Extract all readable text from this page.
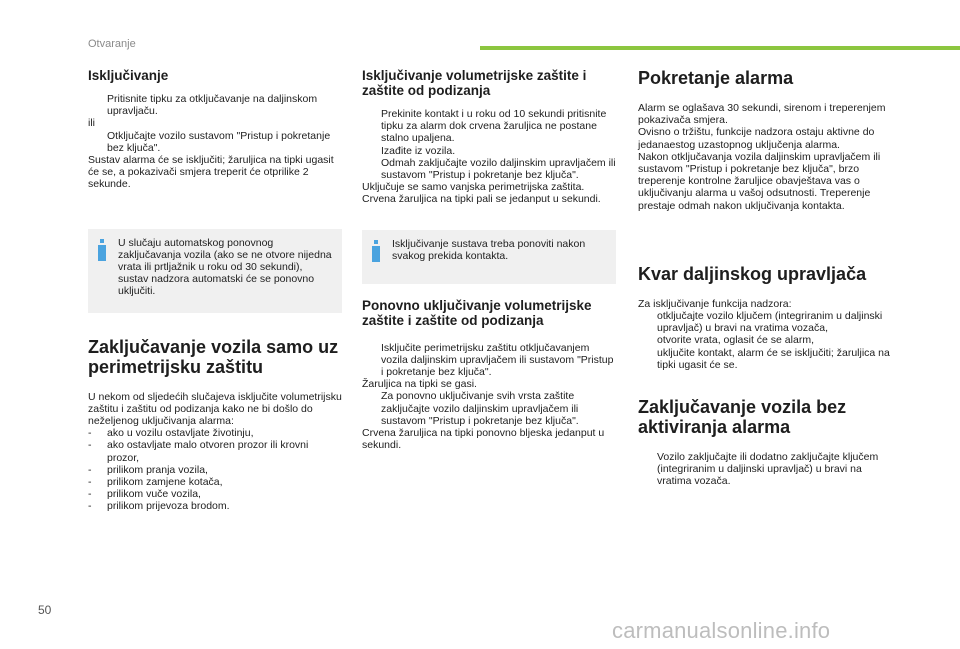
Otvaranje
Isključivanje
Pritisnite tipku za otključavanje na daljinskom upravljaču.

ili

Otključajte vozilo sustavom "Pristup i pokretanje bez ključa".

Sustav alarma će se isključiti; žaruljica na tipki ugasit će se, a pokazivači smjera treperit će otprilike 2 sekunde.

U slučaju automatskog ponovnog zaključavanja vozila (ako se ne otvore nijedna vrata ili prtljažnik u roku od 30 sekundi), sustav nadzora automatski će se ponovno uključiti.

Zaključavanje vozila samo uz perimetrijsku zaštitu

U nekom od sljedećih slučajeva isključite volumetrijsku zaštitu i zaštitu od podizanja kako ne bi došlo do neželjenog uključivanja alarma:

- ako u vozilu ostavljate životinju,
- ako ostavljate malo otvoren prozor ili krovni prozor,
- prilikom pranja vozila,
- prilikom zamjene kotača,
- prilikom vuče vozila,
- prilikom prijevoza brodom.
Isključivanje volumetrijske zaštite i zaštite od podizanja
Prekinite kontakt i u roku od 10 sekundi pritisnite tipku za alarm dok crvena žaruljica ne postane stalno upaljena.
Izađite iz vozila.
Odmah zaključajte vozilo daljinskim upravljačem ili sustavom "Pristup i pokretanje bez ključa".

Uključuje se samo vanjska perimetrijska zaštita. Crvena žaruljica na tipki pali se jedanput u sekundi.

Isključivanje sustava treba ponoviti nakon svakog prekida kontakta.

Ponovno uključivanje volumetrijske zaštite i zaštite od podizanja
Isključite perimetrijsku zaštitu otključavanjem vozila daljinskim upravljačem ili sustavom "Pristup i pokretanje bez ključa".

Žaruljica na tipki se gasi.

Za ponovno uključivanje svih vrsta zaštite zaključajte vozilo daljinskim upravljačem ili sustavom "Pristup i pokretanje bez ključa".

Crvena žaruljica na tipki ponovno bljeska jedanput u sekundi.

Pokretanje alarma

Alarm se oglašava 30 sekundi, sirenom i treperenjem pokazivača smjera.

Ovisno o tržištu, funkcije nadzora ostaju aktivne do jedanaestog uzastopnog uključenja alarma.

Nakon otključavanja vozila daljinskim upravljačem ili sustavom "Pristup i pokretanje bez ključa", brzo treperenje kontrolne žaruljice obavještava vas o uključivanju alarma u vašoj odsutnosti. Treperenje prestaje odmah nakon uključivanja kontakta.

Kvar daljinskog upravljača

Za isključivanje funkcija nadzora:

otključajte vozilo ključem (integriranim u daljinski upravljač) u bravi na vratima vozača,
otvorite vrata, oglasit će se alarm,
uključite kontakt, alarm će se isključiti; žaruljica na tipki ugasit će se.
Zaključavanje vozila bez aktiviranja alarma
Vozilo zaključajte ili dodatno zaključajte ključem (integriranim u daljinski upravljač) u bravi na vratima vozača.
50
carmanualsonline.info
